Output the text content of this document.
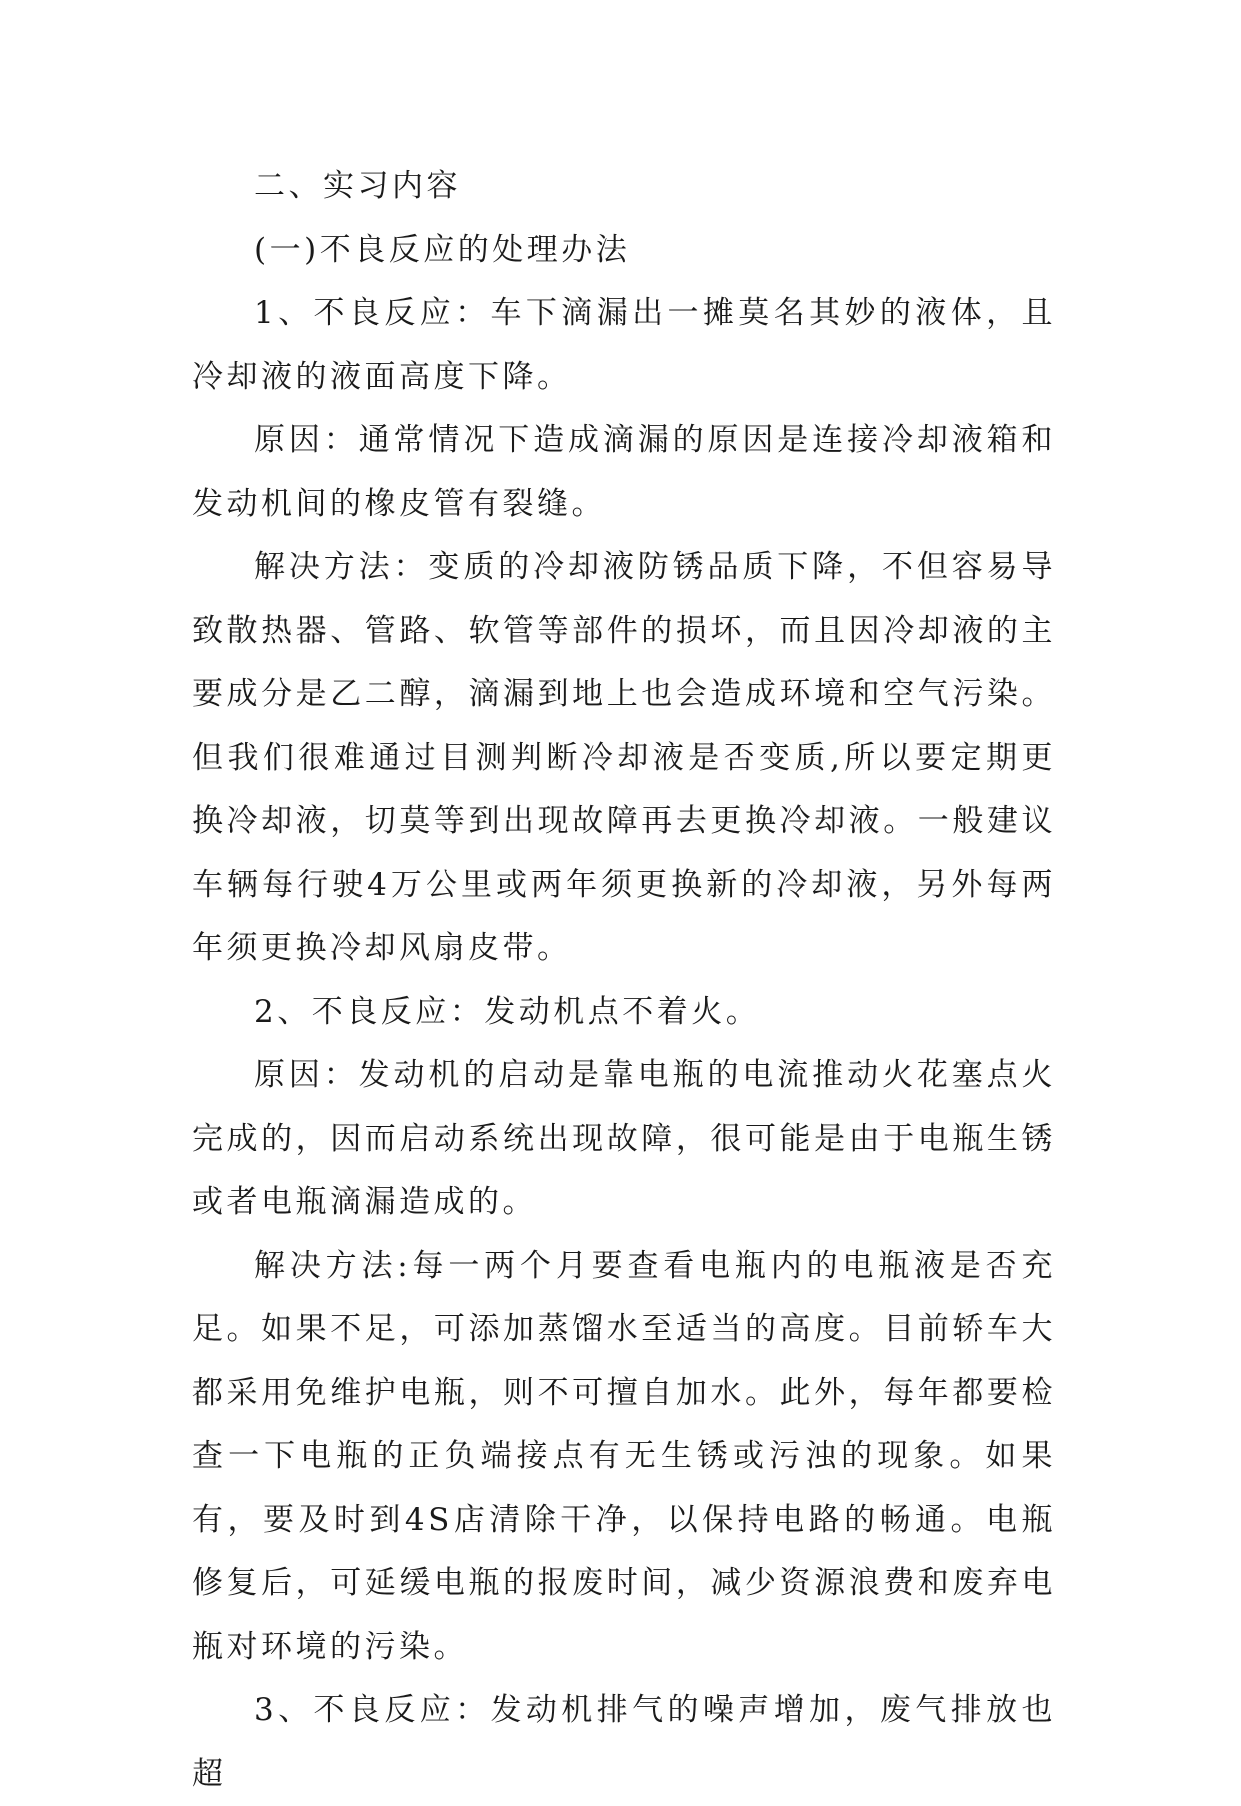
二、实习内容

(一)不良反应的处理办法

1、不良反应：车下滴漏出一摊莫名其妙的液体，且冷却液的液面高度下降。

原因：通常情况下造成滴漏的原因是连接冷却液箱和发动机间的橡皮管有裂缝。

解决方法：变质的冷却液防锈品质下降，不但容易导致散热器、管路、软管等部件的损坏，而且因冷却液的主要成分是乙二醇，滴漏到地上也会造成环境和空气污染。但我们很难通过目测判断冷却液是否变质,所以要定期更换冷却液，切莫等到出现故障再去更换冷却液。一般建议车辆每行驶4万公里或两年须更换新的冷却液，另外每两年须更换冷却风扇皮带。

2、不良反应：发动机点不着火。

原因：发动机的启动是靠电瓶的电流推动火花塞点火完成的，因而启动系统出现故障，很可能是由于电瓶生锈或者电瓶滴漏造成的。

解决方法:每一两个月要查看电瓶内的电瓶液是否充足。如果不足，可添加蒸馏水至适当的高度。目前轿车大都采用免维护电瓶，则不可擅自加水。此外，每年都要检查一下电瓶的正负端接点有无生锈或污浊的现象。如果有，要及时到4S店清除干净，以保持电路的畅通。电瓶修复后，可延缓电瓶的报废时间，减少资源浪费和废弃电瓶对环境的污染。

3、不良反应：发动机排气的噪声增加，废气排放也超
